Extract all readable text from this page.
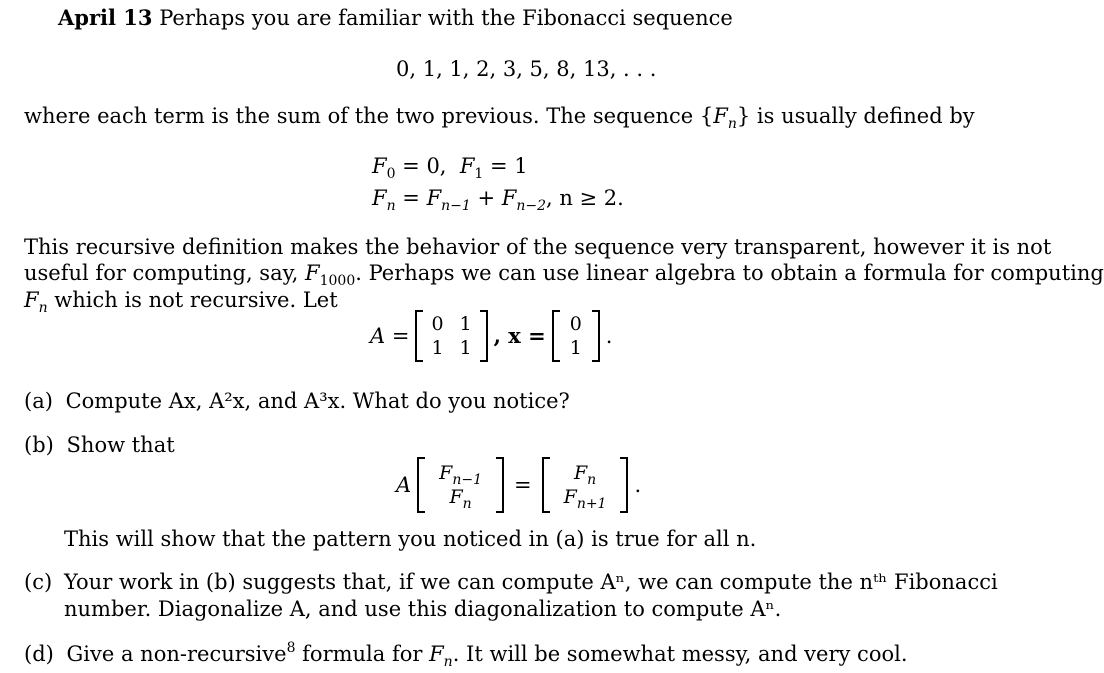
April 13 Perhaps you are familiar with the Fibonacci sequence
0, 1, 1, 2, 3, 5, 8, 13, . . .
where each term is the sum of the two previous. The sequence $\{F_n\}$ is usually defined by
$F_0 = 0$,  $F_1 = 1$
$F_n = F_{n-1} + F_{n-2}$, n ≥ 2.
This recursive definition makes the behavior of the sequence very transparent, however it is not
useful for computing, say, $F_{1000}$. Perhaps we can use linear algebra to obtain a formula for computing
$F_n$ which is not recursive. Let
A = 0 1
1 1 , x = 0
1 .
(a) Compute Ax, A²x, and A³x. What do you notice?
(b) Show that
A $F_{n-1}$
$F_n$
= $F_n$
$F_{n+1}$
.
This will show that the pattern you noticed in (a) is true for all n.
(c) Your work in (b) suggests that, if we can compute Aⁿ, we can compute the nᵗʰ Fibonacci
number. Diagonalize A, and use this diagonalization to compute Aⁿ.
(d) Give a non-recursive$^8$ formula for $F_n$. It will be somewhat messy, and very cool.
